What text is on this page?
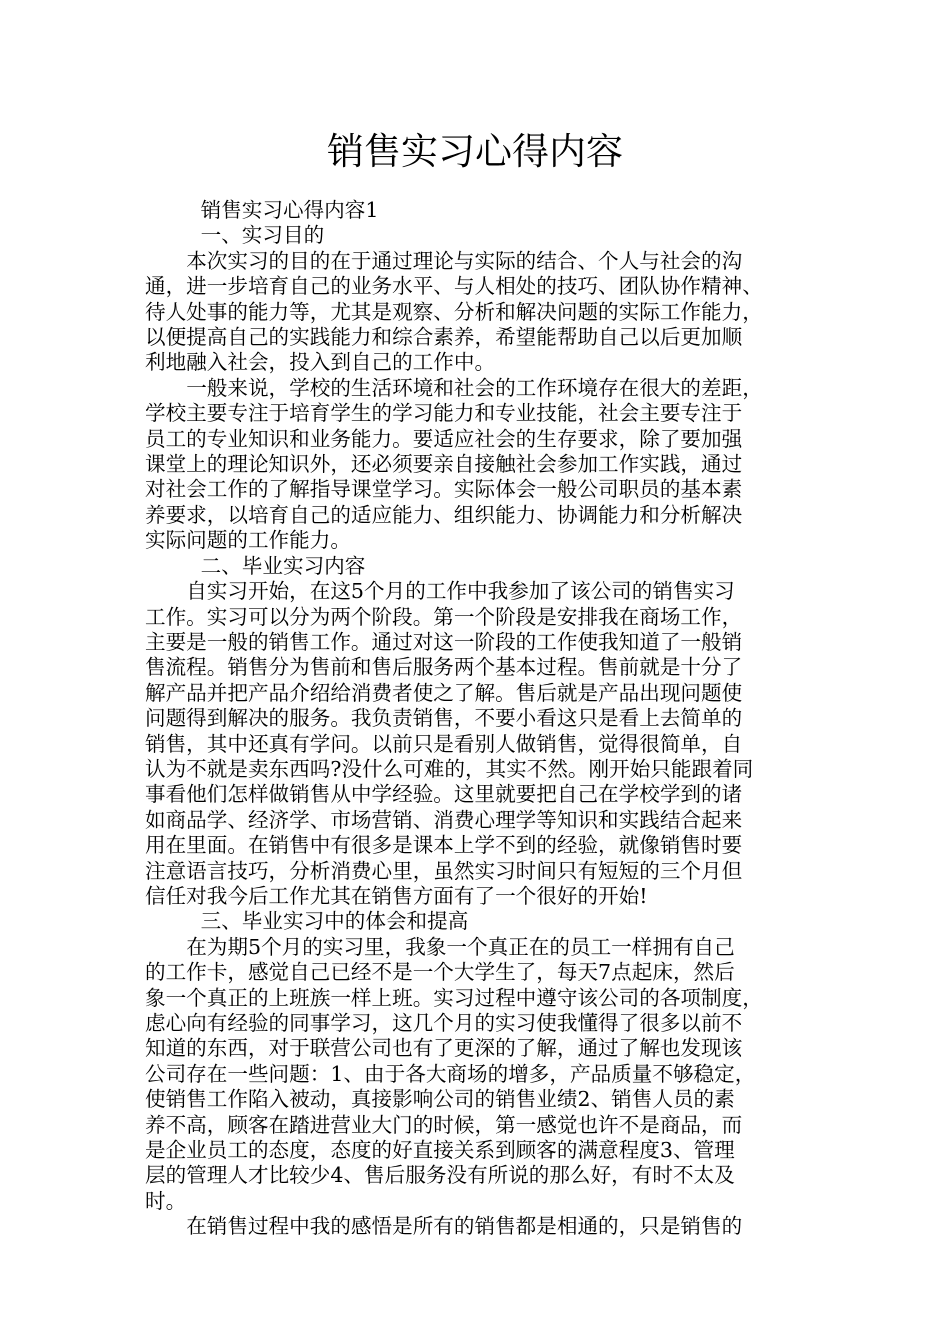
销售实习心得内容

销售实习心得内容1

一、实习目的

本次实习的目的在于通过理论与实际的结合、个人与社会的沟
通，进一步培育自己的业务水平、与人相处的技巧、团队协作精神、
待人处事的能力等，尤其是观察、分析和解决问题的实际工作能力，
以便提高自己的实践能力和综合素养，希望能帮助自己以后更加顺
利地融入社会，投入到自己的工作中。

一般来说，学校的生活环境和社会的工作环境存在很大的差距，
学校主要专注于培育学生的学习能力和专业技能，社会主要专注于
员工的专业知识和业务能力。要适应社会的生存要求，除了要加强
课堂上的理论知识外，还必须要亲自接触社会参加工作实践，通过
对社会工作的了解指导课堂学习。实际体会一般公司职员的基本素
养要求，以培育自己的适应能力、组织能力、协调能力和分析解决
实际问题的工作能力。

二、毕业实习内容

自实习开始，在这5个月的工作中我参加了该公司的销售实习
工作。实习可以分为两个阶段。第一个阶段是安排我在商场工作，
主要是一般的销售工作。通过对这一阶段的工作使我知道了一般销
售流程。销售分为售前和售后服务两个基本过程。售前就是十分了
解产品并把产品介绍给消费者使之了解。售后就是产品出现问题使
问题得到解决的服务。我负责销售，不要小看这只是看上去简单的
销售，其中还真有学问。以前只是看别人做销售，觉得很简单，自
认为不就是卖东西吗?没什么可难的，其实不然。刚开始只能跟着同
事看他们怎样做销售从中学经验。这里就要把自己在学校学到的诸
如商品学、经济学、市场营销、消费心理学等知识和实践结合起来
用在里面。在销售中有很多是课本上学不到的经验，就像销售时要
注意语言技巧，分析消费心里，虽然实习时间只有短短的三个月但
信任对我今后工作尤其在销售方面有了一个很好的开始!

三、毕业实习中的体会和提高

在为期5个月的实习里，我象一个真正在的员工一样拥有自己
的工作卡，感觉自己已经不是一个大学生了，每天7点起床，然后
象一个真正的上班族一样上班。实习过程中遵守该公司的各项制度，
虑心向有经验的同事学习，这几个月的实习使我懂得了很多以前不
知道的东西，对于联营公司也有了更深的了解，通过了解也发现该
公司存在一些问题：1、由于各大商场的增多，产品质量不够稳定，
使销售工作陷入被动，真接影响公司的销售业绩2、销售人员的素
养不高，顾客在踏进营业大门的时候，第一感觉也许不是商品，而
是企业员工的态度，态度的好直接关系到顾客的满意程度3、管理
层的管理人才比较少4、售后服务没有所说的那么好，有时不太及
时。

在销售过程中我的感悟是所有的销售都是相通的，只是销售的
